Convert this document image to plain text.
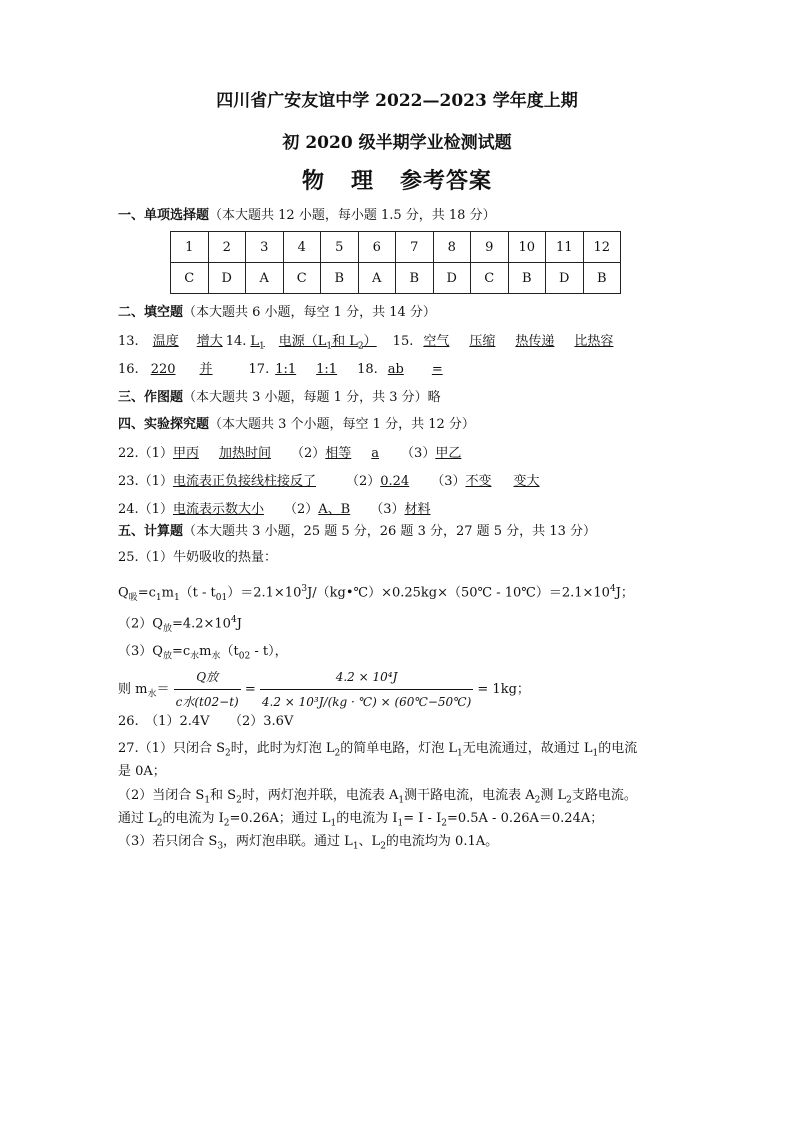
四川省广安友谊中学 2022—2023 学年度上期
初 2020 级半期学业检测试题
物 理 参考答案
一、单项选择题（本大题共 12 小题，每小题 1.5 分，共 18 分）
1	2	3	4	5	6	7	8	9	10	11	12
C	D	A	C	B	A	B	D	C	B	D	B
二、填空题（本大题共 6 小题，每空 1 分，共 14 分）
13. 温度 增大 14. $L_1$ 电源（$L_1$和 $L_2$） 15. 空气 压缩 热传递 比热容
16. 220 并	17. 1:1 1:1 18. ab =
三、作图题（本大题共 3 小题，每题 1 分，共 3 分）略
四、实验探究题（本大题共 3 个小题，每空 1 分，共 12 分）
22.（1）甲丙 加热时间 （2）相等 a （3）甲乙
23.（1）电流表正负接线柱接反了 （2）0.24 （3）不变 变大
24.（1）电流表示数大小 （2）A、B （3）材料
五、计算题（本大题共 3 小题，25 题 5 分，26 题 3 分，27 题 5 分，共 13 分）
25.（1）牛奶吸收的热量：
$Q_吸=c_1m_1(t$ - $t_{01})=2.1\times 10^3J/(kg•℃)\times 0.25kg\times(50℃$ - $10℃)=2.1\times 10^4J$；
$(2)Q_放=4.2\times 10^4J$
$(3)Q_放=c_水m_水(t_{02} - t)$，
则 $m_水= \frac{\text{Q放}}{\text{c水(t02−t)}} = \frac{\text{4.2 × 10⁴J}}{\text{4.2 × 10³J/(kg · ℃) × (60℃−50℃)}} = 1kg$；
26.　（1）2.4V　　（2）3.6V
27.（1）只闭合 $S_2$时，此时为灯泡 $L_2$的简单电路，灯泡 $L_1$无电流通过，故通过 $L_1$的电流
是 0A；
（2）当闭合 $S_1$和 $S_2$时，两灯泡并联，电流表 $A_1$测干路电流，电流表 $A_2$测 $L_2$支路电流。
通过 $L_2$的电流为 $I_2=0.26A$；通过 $L_1$的电流为 $I_1= I - I_2=0.5A - 0.26A=0.24A$；
（3）若只闭合 $S_3$，两灯泡串联。通过 $L_1$、$L_2$的电流均为 0.1A。
